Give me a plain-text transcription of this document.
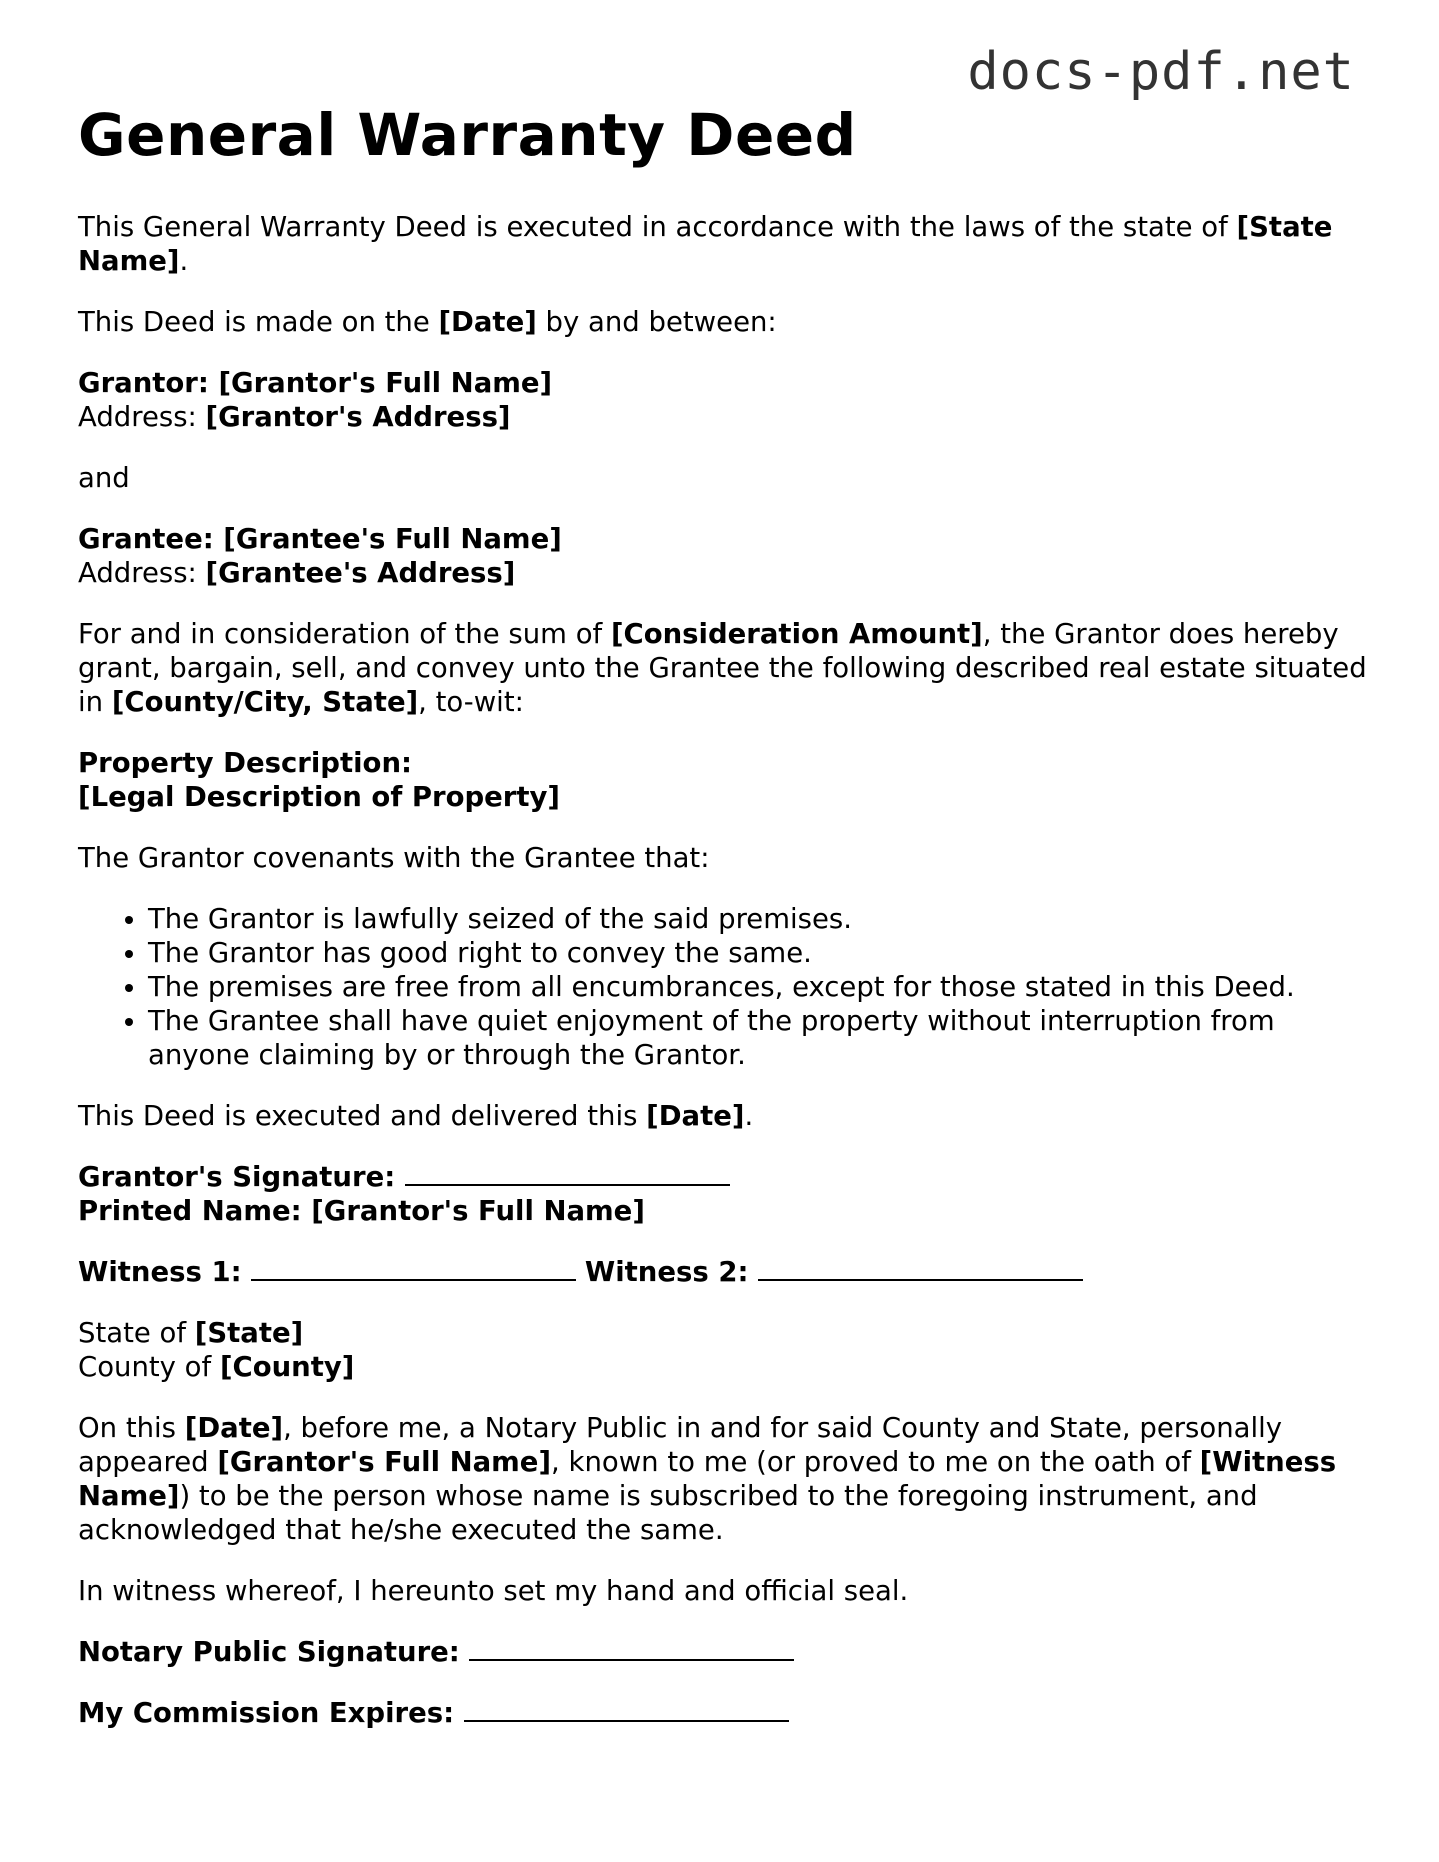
docs-pdf.net
General Warranty Deed

This General Warranty Deed is executed in accordance with the laws of the state of [State Name].

This Deed is made on the [Date] by and between:

Grantor: [Grantor's Full Name]
Address: [Grantor's Address]

and

Grantee: [Grantee's Full Name]
Address: [Grantee's Address]

For and in consideration of the sum of [Consideration Amount], the Grantor does hereby grant, bargain, sell, and convey unto the Grantee the following described real estate situated in [County/City, State], to-wit:

Property Description:
[Legal Description of Property]

The Grantor covenants with the Grantee that:

• The Grantor is lawfully seized of the said premises.
• The Grantor has good right to convey the same.
• The premises are free from all encumbrances, except for those stated in this Deed.
• The Grantee shall have quiet enjoyment of the property without interruption from anyone claiming by or through the Grantor.

This Deed is executed and delivered this [Date].

Grantor's Signature:
Printed Name: [Grantor's Full Name]

Witness 1:	Witness 2:

State of [State]
County of [County]

On this [Date], before me, a Notary Public in and for said County and State, personally appeared [Grantor's Full Name], known to me (or proved to me on the oath of [Witness Name]) to be the person whose name is subscribed to the foregoing instrument, and acknowledged that he/she executed the same.

In witness whereof, I hereunto set my hand and official seal.

Notary Public Signature:

My Commission Expires:
